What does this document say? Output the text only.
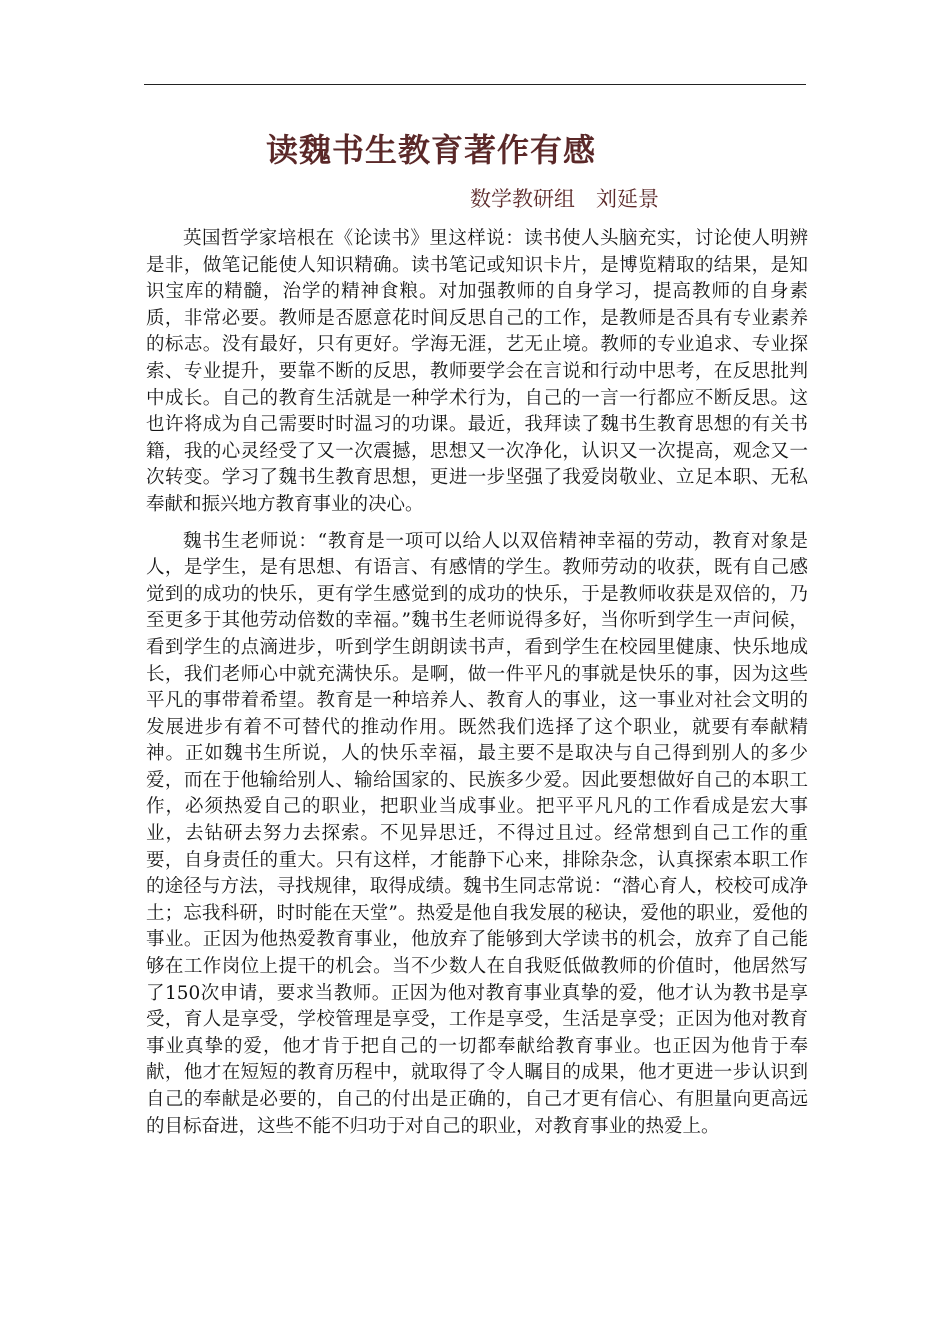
读魏书生教育著作有感

数学教研组　刘延景

英国哲学家培根在《论读书》里这样说：读书使人头脑充实，讨论使人明辨是非，做笔记能使人知识精确。读书笔记或知识卡片，是博览精取的结果，是知识宝库的精髓，治学的精神食粮。对加强教师的自身学习，提高教师的自身素质，非常必要。教师是否愿意花时间反思自己的工作，是教师是否具有专业素养的标志。没有最好，只有更好。学海无涯，艺无止境。教师的专业追求、专业探索、专业提升，要靠不断的反思，教师要学会在言说和行动中思考，在反思批判中成长。自己的教育生活就是一种学术行为，自己的一言一行都应不断反思。这也许将成为自己需要时时温习的功课。最近，我拜读了魏书生教育思想的有关书籍，我的心灵经受了又一次震撼，思想又一次净化，认识又一次提高，观念又一次转变。学习了魏书生教育思想，更进一步坚强了我爱岗敬业、立足本职、无私奉献和振兴地方教育事业的决心。

魏书生老师说：“教育是一项可以给人以双倍精神幸福的劳动，教育对象是人，是学生，是有思想、有语言、有感情的学生。教师劳动的收获，既有自己感觉到的成功的快乐，更有学生感觉到的成功的快乐，于是教师收获是双倍的，乃至更多于其他劳动倍数的幸福。”魏书生老师说得多好，当你听到学生一声问候，看到学生的点滴进步，听到学生朗朗读书声，看到学生在校园里健康、快乐地成长，我们老师心中就充满快乐。是啊，做一件平凡的事就是快乐的事，因为这些平凡的事带着希望。教育是一种培养人、教育人的事业，这一事业对社会文明的发展进步有着不可替代的推动作用。既然我们选择了这个职业，就要有奉献精神。正如魏书生所说，人的快乐幸福，最主要不是取决与自己得到别人的多少爱，而在于他输给别人、输给国家的、民族多少爱。因此要想做好自己的本职工作，必须热爱自己的职业，把职业当成事业。把平平凡凡的工作看成是宏大事业，去钻研去努力去探索。不见异思迁，不得过且过。经常想到自己工作的重要，自身责任的重大。只有这样，才能静下心来，排除杂念，认真探索本职工作的途径与方法，寻找规律，取得成绩。魏书生同志常说：“潜心育人，校校可成净土；忘我科研，时时能在天堂”。热爱是他自我发展的秘诀，爱他的职业，爱他的事业。正因为他热爱教育事业，他放弃了能够到大学读书的机会，放弃了自己能够在工作岗位上提干的机会。当不少数人在自我贬低做教师的价值时，他居然写了150次申请，要求当教师。正因为他对教育事业真挚的爱，他才认为教书是享受，育人是享受，学校管理是享受，工作是享受，生活是享受；正因为他对教育事业真挚的爱，他才肯于把自己的一切都奉献给教育事业。也正因为他肯于奉献，他才在短短的教育历程中，就取得了令人瞩目的成果，他才更进一步认识到自己的奉献是必要的，自己的付出是正确的，自己才更有信心、有胆量向更高远的目标奋进，这些不能不归功于对自己的职业，对教育事业的热爱上。
